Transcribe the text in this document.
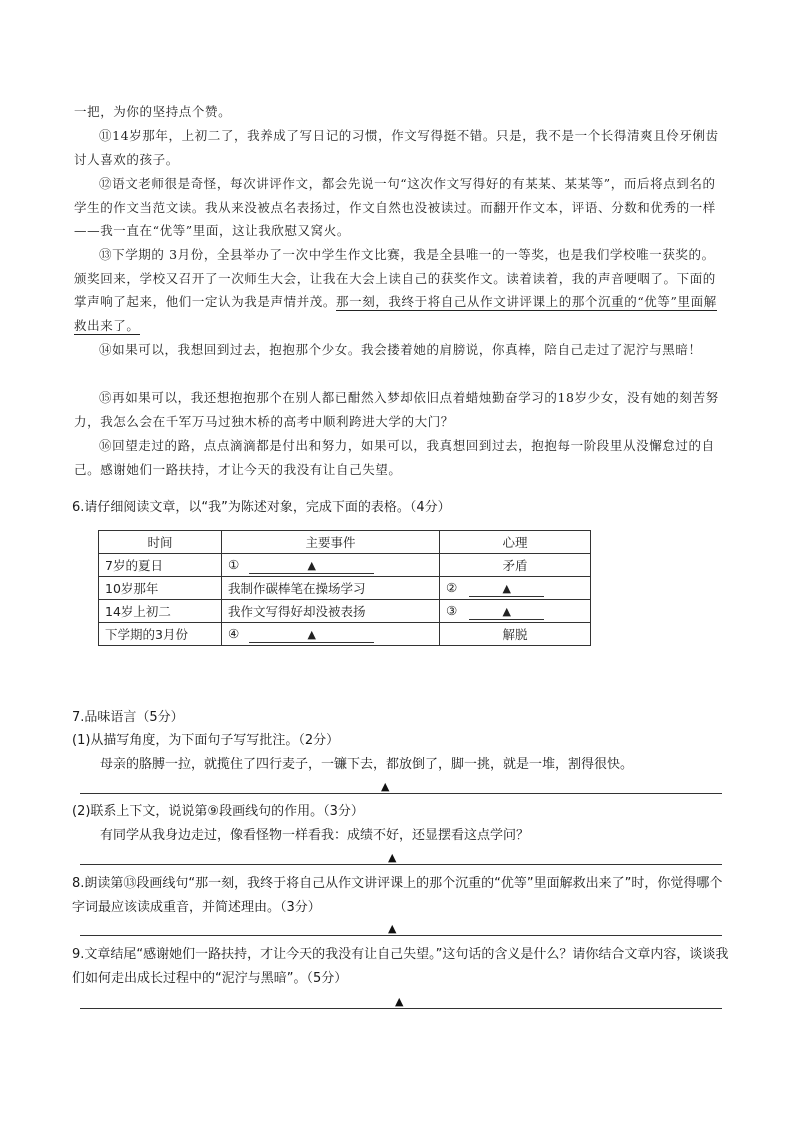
一把，为你的坚持点个赞。

⑪14岁那年，上初二了，我养成了写日记的习惯，作文写得挺不错。只是，我不是一个长得清爽且伶牙俐齿讨人喜欢的孩子。

⑫语文老师很是奇怪，每次讲评作文，都会先说一句“这次作文写得好的有某某、某某等”，而后将点到名的学生的作文当范文读。我从来没被点名表扬过，作文自然也没被读过。而翻开作文本，评语、分数和优秀的一样——我一直在“优等”里面，这让我欣慰又窝火。

⑬下学期的 3月份，全县举办了一次中学生作文比赛，我是全县唯一的一等奖，也是我们学校唯一获奖的。颁奖回来，学校又召开了一次师生大会，让我在大会上读自己的获奖作文。读着读着，我的声音哽咽了。下面的掌声响了起来，他们一定认为我是声情并茂。那一刻，我终于将自己从作文讲评课上的那个沉重的“优等”里面解救出来了。

⑭如果可以，我想回到过去，抱抱那个少女。我会搂着她的肩膀说，你真棒，陪自己走过了泥泞与黑暗！

⑮再如果可以，我还想抱抱那个在别人都已酣然入梦却依旧点着蜡烛勤奋学习的18岁少女，没有她的刻苦努力，我怎么会在千军万马过独木桥的高考中顺利跨进大学的大门？

⑯回望走过的路，点点滴滴都是付出和努力，如果可以，我真想回到过去，抱抱每一阶段里从没懈怠过的自己。感谢她们一路扶持，才让今天的我没有让自己失望。

6.请仔细阅读文章，以“我”为陈述对象，完成下面的表格。（4分）

时间	主要事件	心理
7岁的夏日	① ▲	矛盾
10岁那年	我制作碳棒笔在操场学习	② ▲
14岁上初二	我作文写得好却没被表扬	③ ▲
下学期的3月份	④ ▲	解脱

7.品味语言（5分）

(1)从描写角度，为下面句子写写批注。（2分）

母亲的胳膊一拉，就揽住了四行麦子，一镰下去，都放倒了，脚一挑，就是一堆，割得很快。

▲

(2)联系上下文，说说第⑨段画线句的作用。（3分）

有同学从我身边走过，像看怪物一样看我：成绩不好，还显摆看这点学问？

▲

8.朗读第⑬段画线句“那一刻，我终于将自己从作文讲评课上的那个沉重的“优等”里面解救出来了”时，你觉得哪个字词最应该读成重音，并简述理由。（3分）

▲

9.文章结尾“感谢她们一路扶持，才让今天的我没有让自己失望。”这句话的含义是什么？请你结合文章内容，谈谈我们如何走出成长过程中的“泥泞与黑暗”。（5分）

▲
